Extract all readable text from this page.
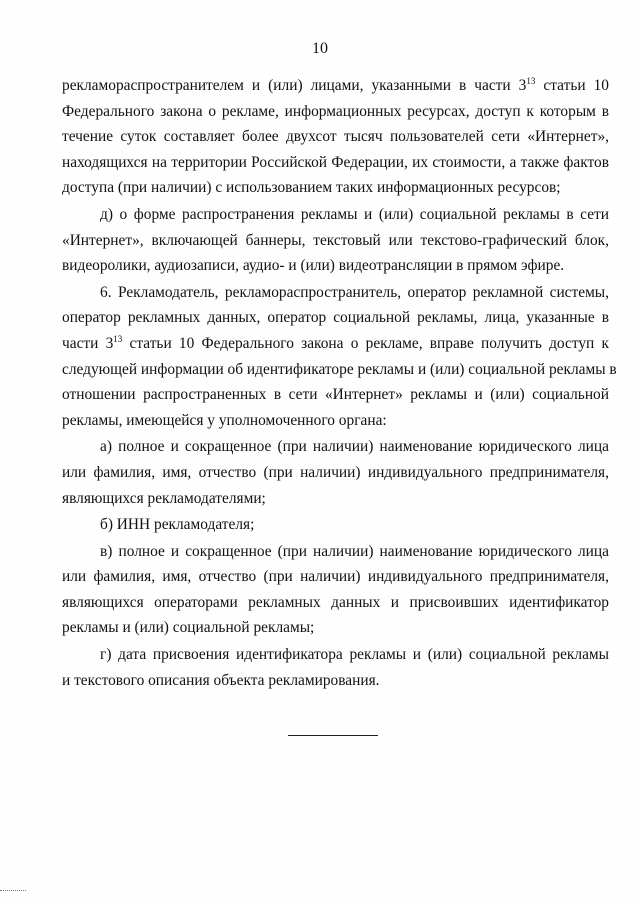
10

рекламораспространителем и (или) лицами, указанными в части $3^{13}$ статьи 10
Федерального закона о рекламе, информационных ресурсах, доступ к которым в
течение суток составляет более двухсот тысяч пользователей сети «Интернет»,
находящихся на территории Российской Федерации, их стоимости, а также фактов
доступа (при наличии) с использованием таких информационных ресурсов;

д) о форме распространения рекламы и (или) социальной рекламы в сети
«Интернет», включающей баннеры, текстовый или текстово-графический блок,
видеоролики, аудиозаписи, аудио- и (или) видеотрансляции в прямом эфире.

6. Рекламодатель, рекламораспространитель, оператор рекламной системы,
оператор рекламных данных, оператор социальной рекламы, лица, указанные в
части $3^{13}$ статьи 10 Федерального закона о рекламе, вправе получить доступ к
следующей информации об идентификаторе рекламы и (или) социальной рекламы в
отношении распространенных в сети «Интернет» рекламы и (или) социальной
рекламы, имеющейся у уполномоченного органа:

а) полное и сокращенное (при наличии) наименование юридического лица
или фамилия, имя, отчество (при наличии) индивидуального предпринимателя,
являющихся рекламодателями;

б) ИНН рекламодателя;

в) полное и сокращенное (при наличии) наименование юридического лица
или фамилия, имя, отчество (при наличии) индивидуального предпринимателя,
являющихся операторами рекламных данных и присвоивших идентификатор
рекламы и (или) социальной рекламы;

г) дата присвоения идентификатора рекламы и (или) социальной рекламы
и текстового описания объекта рекламирования.
